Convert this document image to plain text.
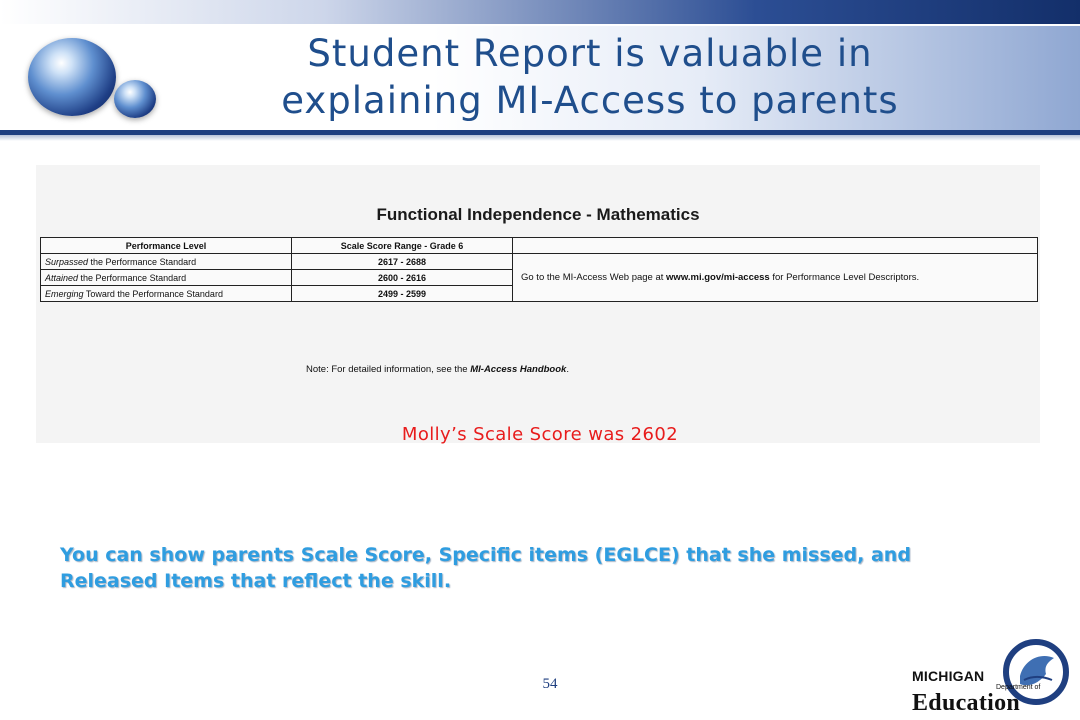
Student Report is valuable in
explaining MI-Access to parents
Functional Independence - Mathematics
Performance Level	Scale Score Range - Grade 6	
Surpassed the Performance Standard	2617 - 2688	Go to the MI-Access Web page at www.mi.gov/mi-access for Performance Level Descriptors.
Attained the Performance Standard	2600 - 2616	
Emerging Toward the Performance Standard	2499 - 2599	
Note: For detailed information, see the MI-Access Handbook.
Molly’s Scale Score was 2602
You can show parents Scale Score, Specific items (EGLCE) that she missed, and
Released Items that reflect the skill.
54	MICHIGAN
Department of
Education
